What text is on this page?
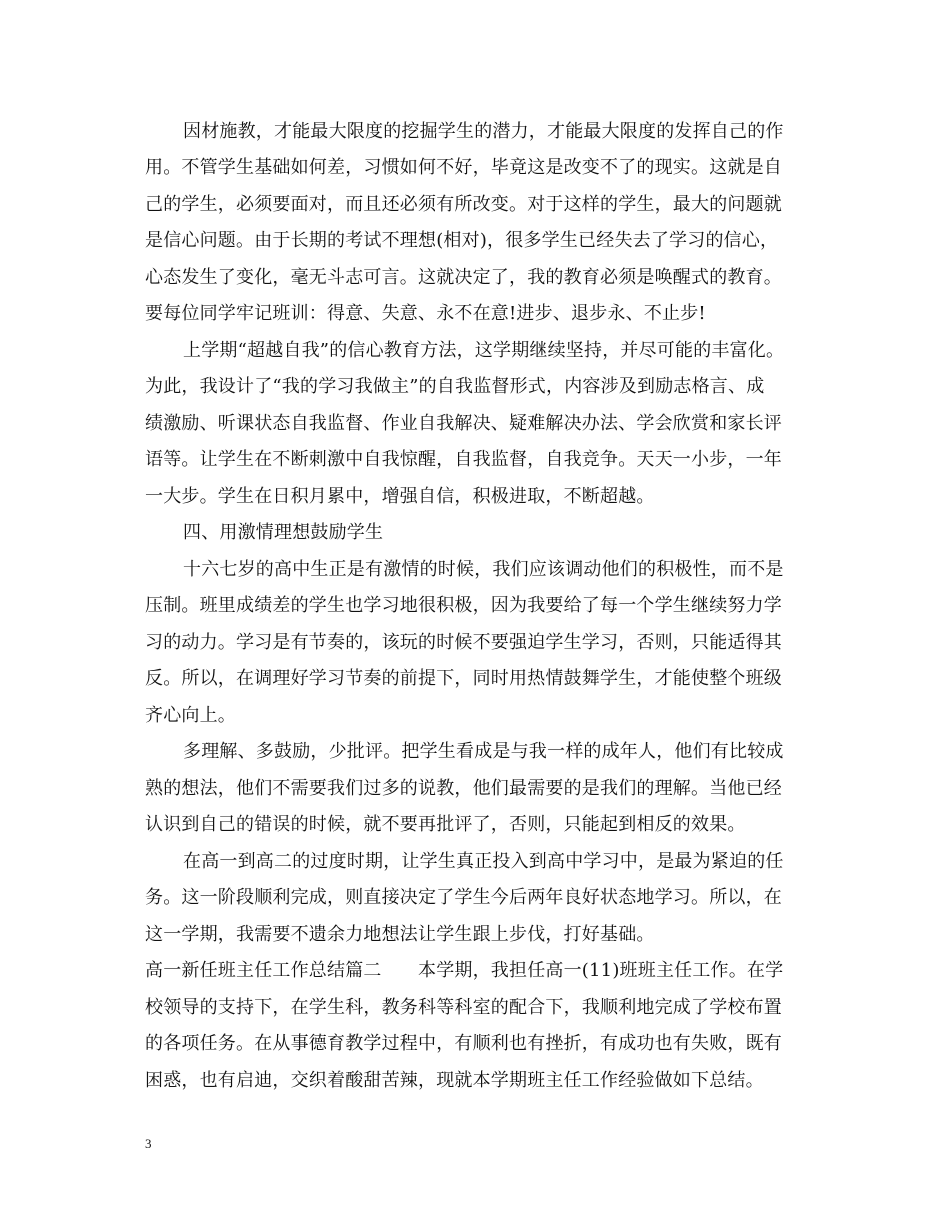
因材施教，才能最大限度的挖掘学生的潜力，才能最大限度的发挥自己的作
用。不管学生基础如何差，习惯如何不好，毕竟这是改变不了的现实。这就是自
己的学生，必须要面对，而且还必须有所改变。对于这样的学生，最大的问题就
是信心问题。由于长期的考试不理想(相对)，很多学生已经失去了学习的信心，
心态发生了变化，毫无斗志可言。这就决定了，我的教育必须是唤醒式的教育。
要每位同学牢记班训：得意、失意、永不在意!进步、退步永、不止步!
上学期“超越自我”的信心教育方法，这学期继续坚持，并尽可能的丰富化。
为此，我设计了“我的学习我做主”的自我监督形式，内容涉及到励志格言、成
绩激励、听课状态自我监督、作业自我解决、疑难解决办法、学会欣赏和家长评
语等。让学生在不断刺激中自我惊醒，自我监督，自我竞争。天天一小步，一年
一大步。学生在日积月累中，增强自信，积极进取，不断超越。
四、用激情理想鼓励学生
十六七岁的高中生正是有激情的时候，我们应该调动他们的积极性，而不是
压制。班里成绩差的学生也学习地很积极，因为我要给了每一个学生继续努力学
习的动力。学习是有节奏的，该玩的时候不要强迫学生学习，否则，只能适得其
反。所以，在调理好学习节奏的前提下，同时用热情鼓舞学生，才能使整个班级
齐心向上。
多理解、多鼓励，少批评。把学生看成是与我一样的成年人，他们有比较成
熟的想法，他们不需要我们过多的说教，他们最需要的是我们的理解。当他已经
认识到自己的错误的时候，就不要再批评了，否则，只能起到相反的效果。
在高一到高二的过度时期，让学生真正投入到高中学习中，是最为紧迫的任
务。这一阶段顺利完成，则直接决定了学生今后两年良好状态地学习。所以，在
这一学期，我需要不遗余力地想法让学生跟上步伐，打好基础。
高一新任班主任工作总结篇二　　本学期，我担任高一(11)班班主任工作。在学
校领导的支持下，在学生科，教务科等科室的配合下，我顺利地完成了学校布置
的各项任务。在从事德育教学过程中，有顺利也有挫折，有成功也有失败，既有
困惑，也有启迪，交织着酸甜苦辣，现就本学期班主任工作经验做如下总结。
3
